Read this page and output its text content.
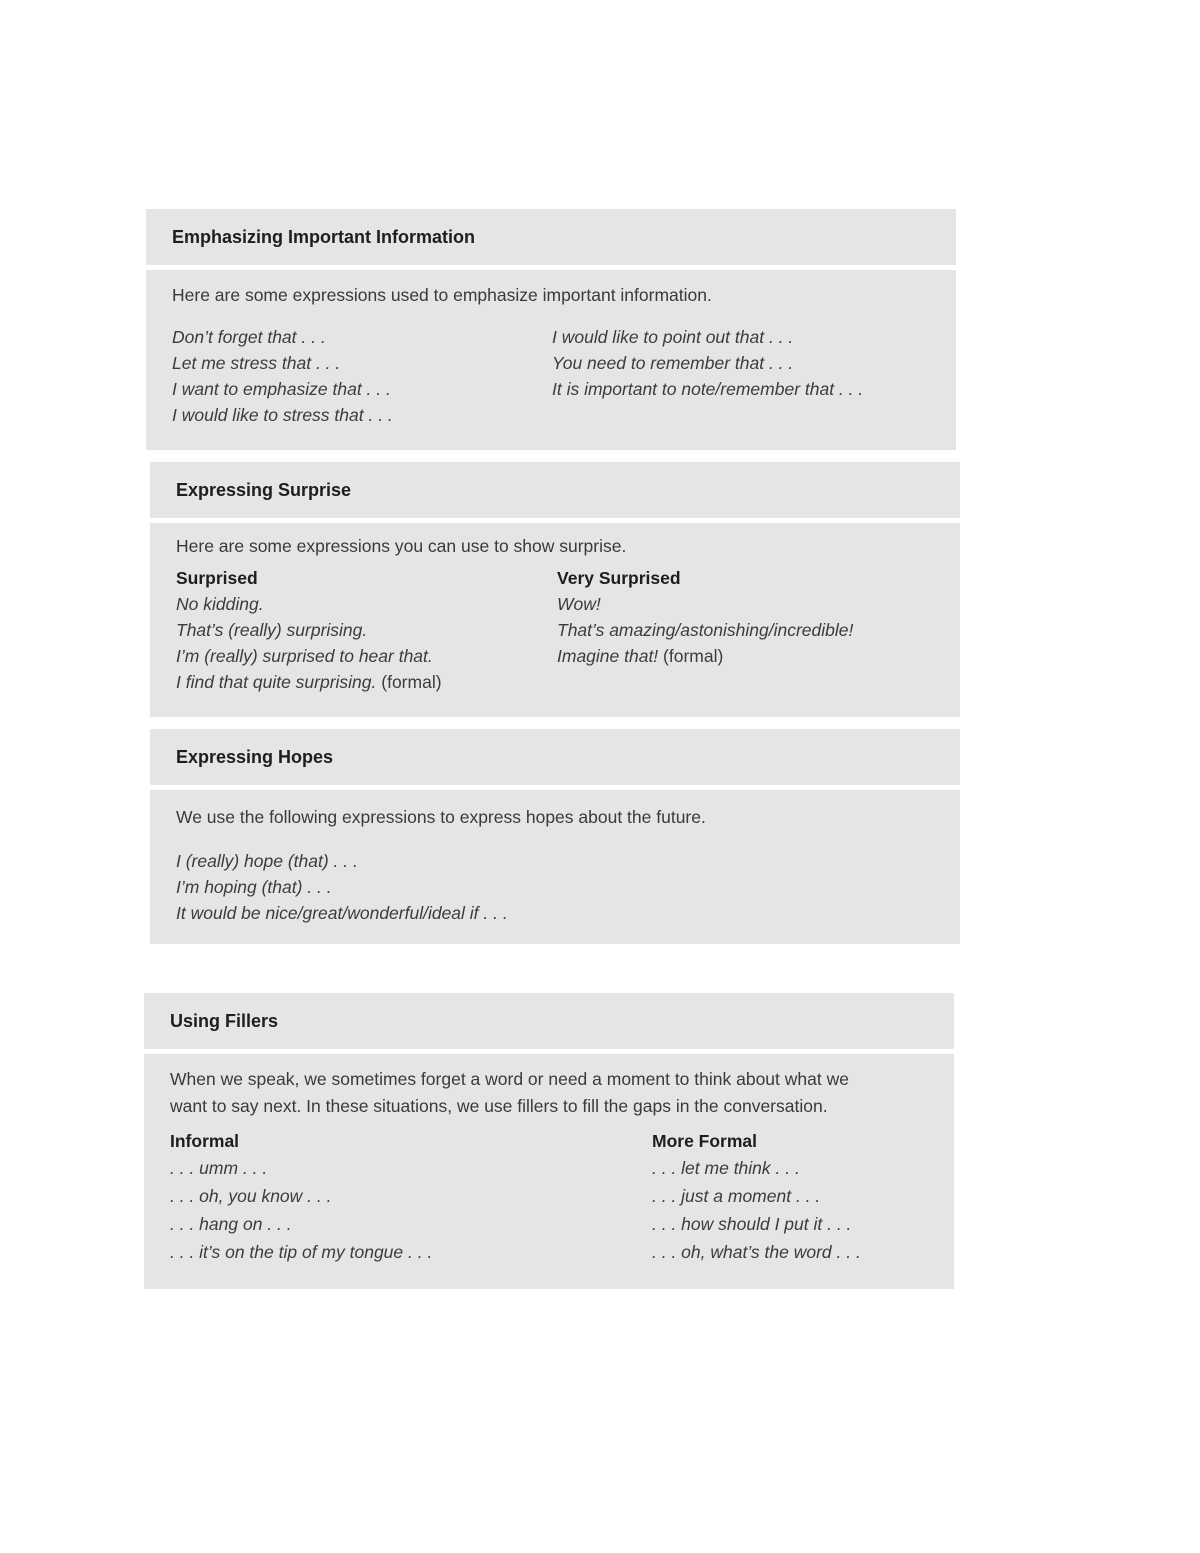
Emphasizing Important Information

Here are some expressions used to emphasize important information.

Don’t forget that . . .
Let me stress that . . .
I want to emphasize that . . .
I would like to stress that . . .
I would like to point out that . . .
You need to remember that . . .
It is important to note/remember that . . .
Expressing Surprise

Here are some expressions you can use to show surprise.

Surprised
No kidding.
That’s (really) surprising.
I’m (really) surprised to hear that.
I find that quite surprising. (formal)
Very Surprised
Wow!
That’s amazing/astonishing/incredible!
Imagine that! (formal)
Expressing Hopes

We use the following expressions to express hopes about the future.

I (really) hope (that) . . .
I’m hoping (that) . . .
It would be nice/great/wonderful/ideal if . . .
Using Fillers

When we speak, we sometimes forget a word or need a moment to think about what we
want to say next. In these situations, we use fillers to fill the gaps in the conversation.

Informal
. . . umm . . .
. . . oh, you know . . .
. . . hang on . . .
. . . it’s on the tip of my tongue . . .
More Formal
. . . let me think . . .
. . . just a moment . . .
. . . how should I put it . . .
. . . oh, what’s the word . . .
